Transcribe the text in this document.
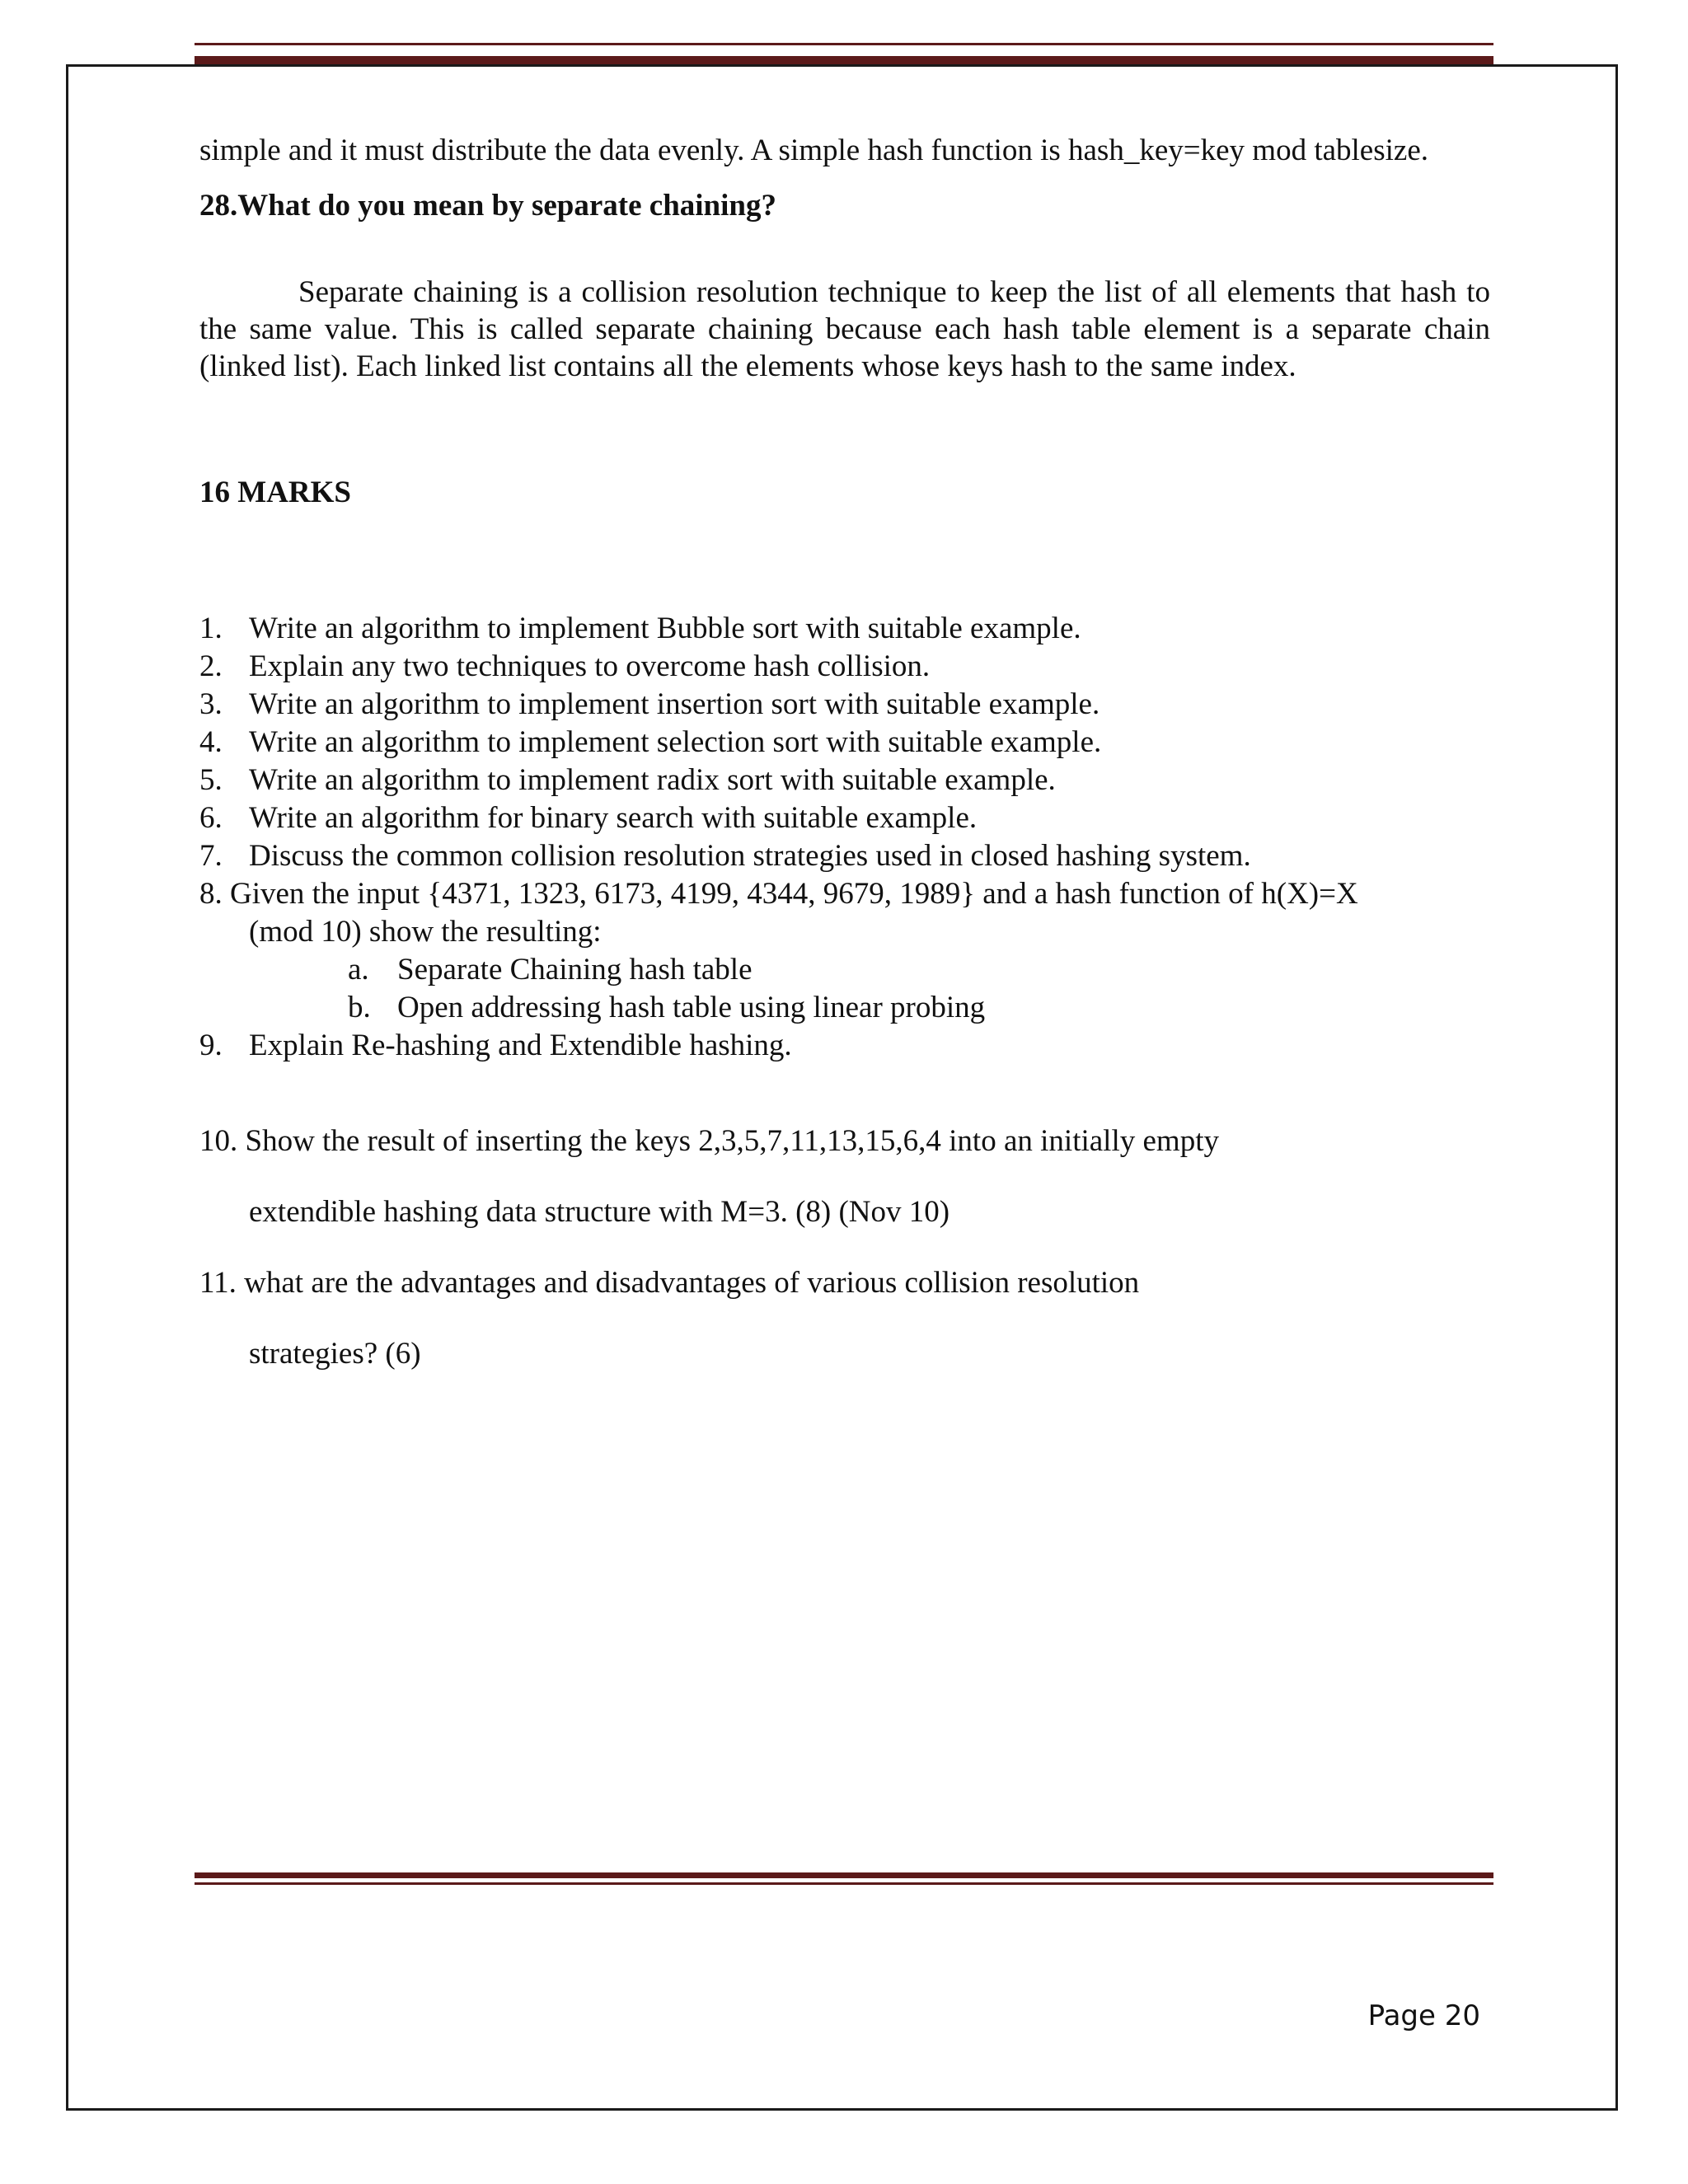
simple and it must distribute the data evenly. A simple hash function is hash_key=key mod tablesize.

28.What do you mean by separate chaining?

Separate chaining is a collision resolution technique to keep the list of all elements that hash to the same value. This is called separate chaining because each hash table element is a separate chain (linked list). Each linked list contains all the elements whose keys hash to the same index.

16 MARKS

1. Write an algorithm to implement Bubble sort with suitable example.
2. Explain any two techniques to overcome hash collision.
3. Write an algorithm to implement insertion sort with suitable example.
4. Write an algorithm to implement selection sort with suitable example.
5. Write an algorithm to implement radix sort with suitable example.
6. Write an algorithm for binary search with suitable example.
7. Discuss the common collision resolution strategies used in closed hashing system.
8. Given the input {4371, 1323, 6173, 4199, 4344, 9679, 1989} and a hash function of h(X)=X
(mod 10) show the resulting:
a. Separate Chaining hash table
b. Open addressing hash table using linear probing
9. Explain Re-hashing and Extendible hashing.
10. Show the result of inserting the keys 2,3,5,7,11,13,15,6,4 into an initially empty
extendible hashing data structure with M=3. (8) (Nov 10)
11. what are the advantages and disadvantages of various collision resolution
strategies? (6)
Page 20
